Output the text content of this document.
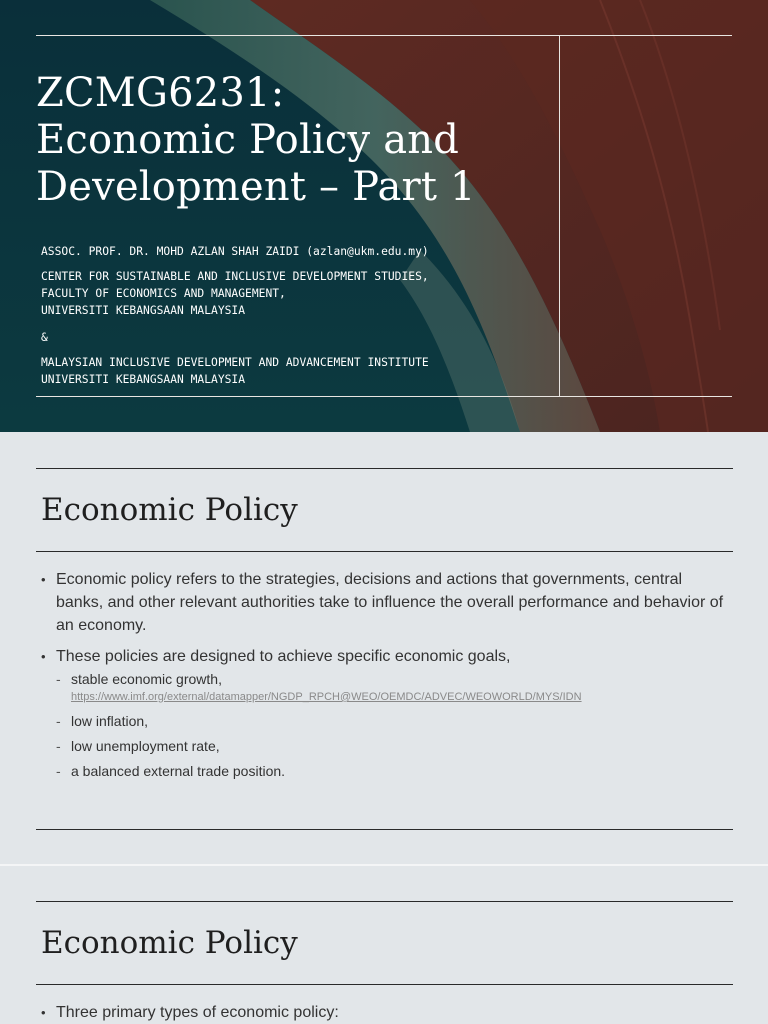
ZCMG6231:
Economic Policy and
Development – Part 1
ASSOC. PROF. DR. MOHD AZLAN SHAH ZAIDI (azlan@ukm.edu.my)
CENTER FOR SUSTAINABLE AND INCLUSIVE DEVELOPMENT STUDIES,
FACULTY OF ECONOMICS AND MANAGEMENT,
UNIVERSITI KEBANGSAAN MALAYSIA
&
MALAYSIAN INCLUSIVE DEVELOPMENT AND ADVANCEMENT INSTITUTE
UNIVERSITI KEBANGSAAN MALAYSIA
Economic Policy
• Economic policy refers to the strategies, decisions and actions that governments, central banks, and other relevant authorities take to influence the overall performance and behavior of an economy.
• These policies are designed to achieve specific economic goals,
- stable economic growth,
https://www.imf.org/external/datamapper/NGDP_RPCH@WEO/OEMDC/ADVEC/WEOWORLD/MYS/IDN
- low inflation,
- low unemployment rate,
- a balanced external trade position.
Economic Policy
• Three primary types of economic policy:
